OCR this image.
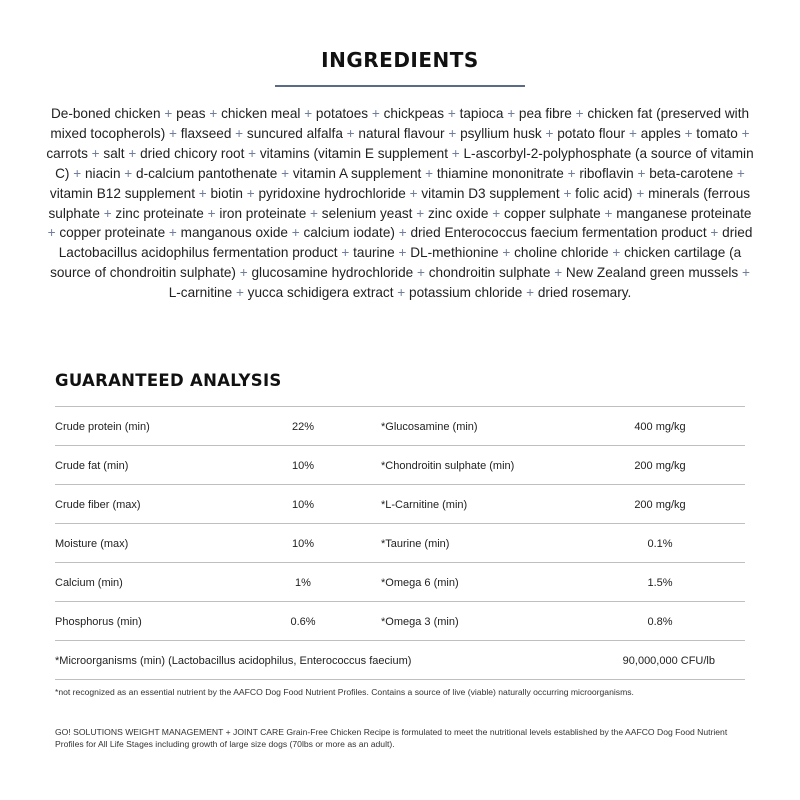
INGREDIENTS
De-boned chicken + peas + chicken meal + potatoes + chickpeas + tapioca + pea fibre + chicken fat (preserved with mixed tocopherols) + flaxseed + suncured alfalfa + natural flavour + psyllium husk + potato flour + apples + tomato + carrots + salt + dried chicory root + vitamins (vitamin E supplement + L-ascorbyl-2-polyphosphate (a source of vitamin C) + niacin + d-calcium pantothenate + vitamin A supplement + thiamine mononitrate + riboflavin + beta-carotene + vitamin B12 supplement + biotin + pyridoxine hydrochloride + vitamin D3 supplement + folic acid) + minerals (ferrous sulphate + zinc proteinate + iron proteinate + selenium yeast + zinc oxide + copper sulphate + manganese proteinate + copper proteinate + manganous oxide + calcium iodate) + dried Enterococcus faecium fermentation product + dried Lactobacillus acidophilus fermentation product + taurine + DL-methionine + choline chloride + chicken cartilage (a source of chondroitin sulphate) + glucosamine hydrochloride + chondroitin sulphate + New Zealand green mussels + L-carnitine + yucca schidigera extract + potassium chloride + dried rosemary.
GUARANTEED ANALYSIS
Crude protein (min)	22%	*Glucosamine (min)	400 mg/kg
Crude fat (min)	10%	*Chondroitin sulphate (min)	200 mg/kg
Crude fiber (max)	10%	*L-Carnitine (min)	200 mg/kg
Moisture (max)	10%	*Taurine (min)	0.1%
Calcium (min)	1%	*Omega 6 (min)	1.5%
Phosphorus (min)	0.6%	*Omega 3 (min)	0.8%
*Microorganisms (min) (Lactobacillus acidophilus, Enterococcus faecium)	90,000,000 CFU/lb
*not recognized as an essential nutrient by the AAFCO Dog Food Nutrient Profiles. Contains a source of live (viable) naturally occurring microorganisms.
GO! SOLUTIONS WEIGHT MANAGEMENT + JOINT CARE Grain-Free Chicken Recipe is formulated to meet the nutritional levels established by the AAFCO Dog Food Nutrient Profiles for All Life Stages including growth of large size dogs (70lbs or more as an adult).
